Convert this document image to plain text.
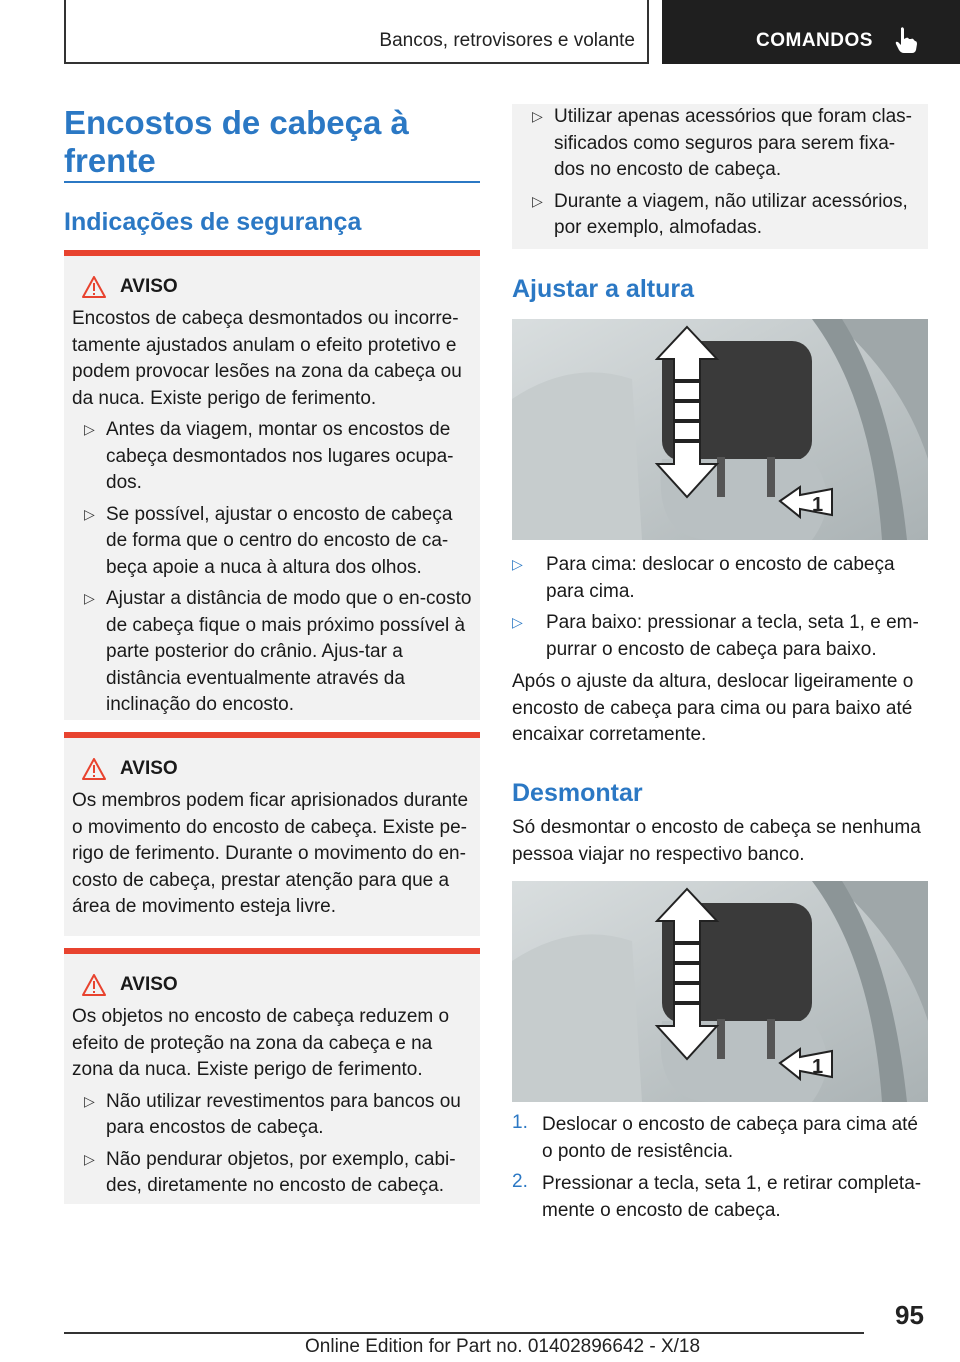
Bancos, retrovisores e volante	COMANDOS
Encostos de cabeça à frente
Indicações de segurança
AVISO
Encostos de cabeça desmontados ou incorre-tamente ajustados anulam o efeito protetivo e podem provocar lesões na zona da cabeça ou da nuca. Existe perigo de ferimento.
▷ Antes da viagem, montar os encostos de cabeça desmontados nos lugares ocupa-dos.
▷ Se possível, ajustar o encosto de cabeça de forma que o centro do encosto de ca-beça apoie a nuca à altura dos olhos.
▷ Ajustar a distância de modo que o en-costo de cabeça fique o mais próximo possível à parte posterior do crânio. Ajus-tar a distância eventualmente através da inclinação do encosto.
AVISO
Os membros podem ficar aprisionados durante o movimento do encosto de cabeça. Existe pe-rigo de ferimento. Durante o movimento do en-costo de cabeça, prestar atenção para que a área de movimento esteja livre.
AVISO
Os objetos no encosto de cabeça reduzem o efeito de proteção na zona da cabeça e na zona da nuca. Existe perigo de ferimento.
▷ Não utilizar revestimentos para bancos ou para encostos de cabeça.
▷ Não pendurar objetos, por exemplo, cabi-des, diretamente no encosto de cabeça.
▷ Utilizar apenas acessórios que foram clas-sificados como seguros para serem fixa-dos no encosto de cabeça.
▷ Durante a viagem, não utilizar acessórios, por exemplo, almofadas.
Ajustar a altura
1
▷	Para cima: deslocar o encosto de cabeça para cima.
▷	Para baixo: pressionar a tecla, seta 1, e em-purrar o encosto de cabeça para baixo.
Após o ajuste da altura, deslocar ligeiramente o encosto de cabeça para cima ou para baixo até encaixar corretamente.
Desmontar
Só desmontar o encosto de cabeça se nenhuma pessoa viajar no respectivo banco.
1
1. Deslocar o encosto de cabeça para cima até o ponto de resistência.
2. Pressionar a tecla, seta 1, e retirar completa-mente o encosto de cabeça.
95
Online Edition for Part no. 01402896642 - X/18
